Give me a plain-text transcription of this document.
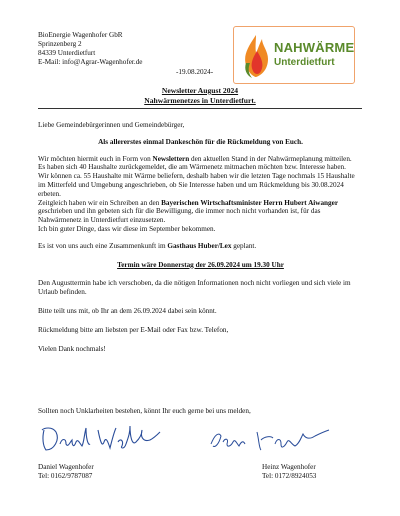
BioEnergie Wagenhofer GbR
Sprinzenberg 2
84339 Unterdietfurt
E-Mail: info@Agrar-Wagenhofer.de
NAHWÄRME
Unterdietfurt
-19.08.2024-
Newsletter August 2024
Nahwärmenetzes in Unterdietfurt.

Liebe Gemeindebürgerinnen und Gemeindebürger,

Als allererstes einmal Dankeschön für die Rückmeldung von Euch.

Wir möchten hiermit euch in Form von Newslettern den aktuellen Stand in der Nahwärmeplanung mitteilen.

Es haben sich 40 Haushalte zurückgemeldet, die am Wärmenetz mitmachen möchten bzw. Interesse haben.

Wir können ca. 55 Haushalte mit Wärme beliefern, deshalb haben wir die letzten Tage nochmals 15 Haushalte im Mitterfeld und Umgebung angeschrieben, ob Sie Interesse haben und um Rückmeldung bis 30.08.2024 erbeten.

Zeitgleich haben wir ein Schreiben an den Bayerischen Wirtschaftsminister Herrn Hubert Aiwanger geschrieben und ihn gebeten sich für die Bewilligung, die immer noch nicht vorhanden ist, für das Nahwärmenetz in Unterdietfurt einzusetzen.

Ich bin guter Dinge, dass wir diese im September bekommen.

Es ist von uns auch eine Zusammenkunft im Gasthaus Huber/Lex geplant.

Termin wäre Donnerstag der 26.09.2024 um 19.30 Uhr

Den Augusttermin habe ich verschoben, da die nötigen Informationen noch nicht vorliegen und sich viele im Urlaub befinden.

Bitte teilt uns mit, ob Ihr an dem 26.09.2024 dabei sein könnt.

Rückmeldung bitte am liebsten per E-Mail oder Fax bzw. Telefon,

Vielen Dank nochmals!

Sollten noch Unklarheiten bestehen, könnt Ihr euch gerne bei uns melden,
Daniel Wagenhofer
Tel: 0162/9787087
Heinz Wagenhofer
Tel: 0172/8924053
